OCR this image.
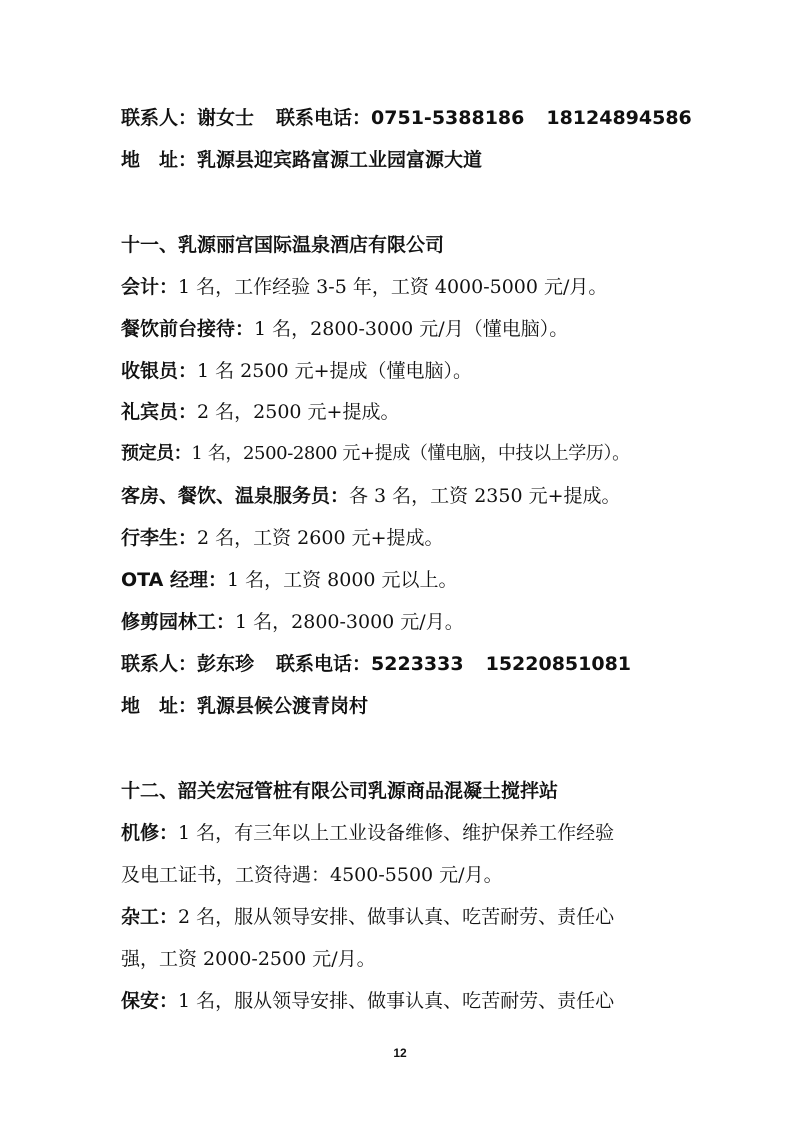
联系人：谢女士 联系电话：0751-5388186 18124894586
地　址：乳源县迎宾路富源工业园富源大道
十一、乳源丽宫国际温泉酒店有限公司
会计：1 名，工作经验 3-5 年，工资 4000-5000 元/月。
餐饮前台接待：1 名，2800-3000 元/月（懂电脑）。
收银员：1 名 2500 元+提成（懂电脑）。
礼宾员：2 名，2500 元+提成。
预定员：1 名，2500-2800 元+提成（懂电脑，中技以上学历）。
客房、餐饮、温泉服务员：各 3 名，工资 2350 元+提成。
行李生：2 名，工资 2600 元+提成。
OTA 经理：1 名，工资 8000 元以上。
修剪园林工：1 名，2800-3000 元/月。
联系人：彭东珍 联系电话：5223333 15220851081
地　址：乳源县候公渡青岗村
十二、韶关宏冠管桩有限公司乳源商品混凝土搅拌站
机修：1 名，有三年以上工业设备维修、维护保养工作经验
及电工证书，工资待遇：4500-5500 元/月。
杂工：2 名，服从领导安排、做事认真、吃苦耐劳、责任心
强，工资 2000-2500 元/月。
保安：1 名，服从领导安排、做事认真、吃苦耐劳、责任心
12
